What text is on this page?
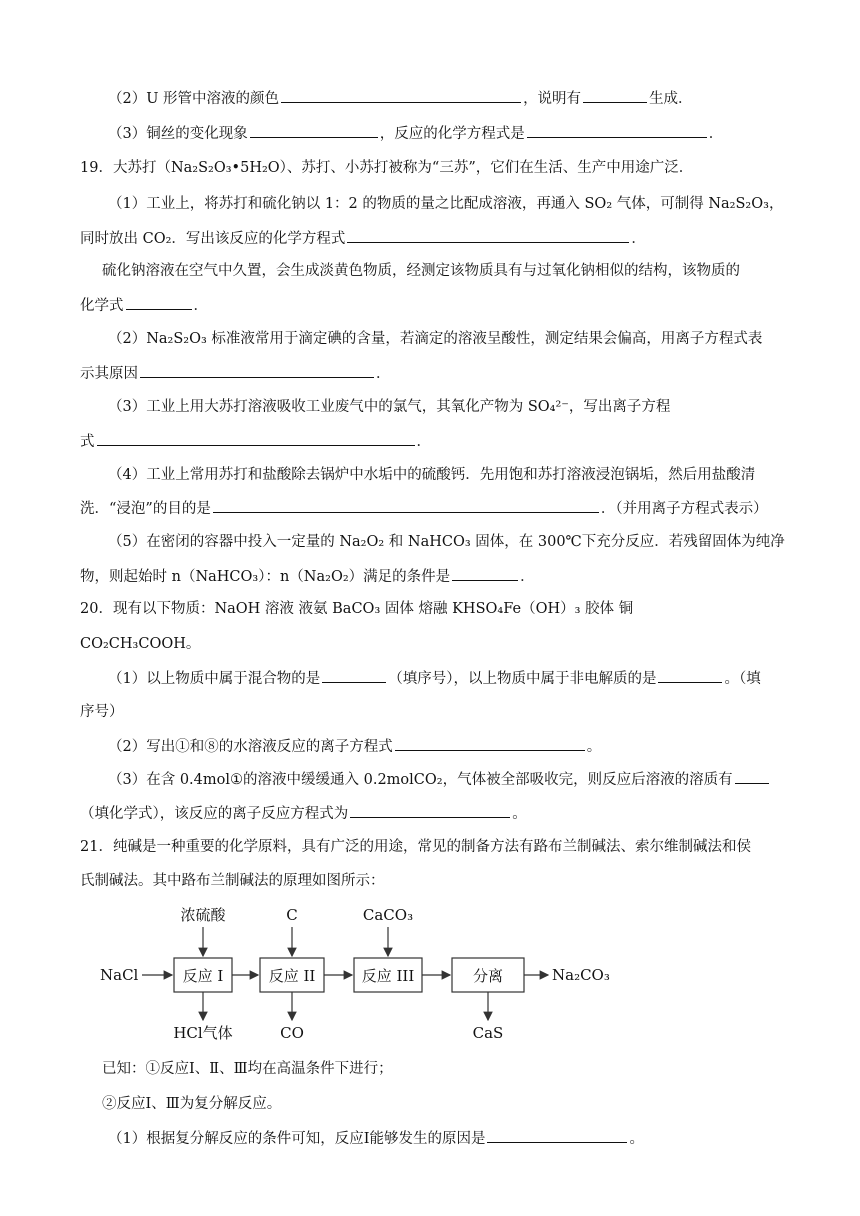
（2）U 形管中溶液的颜色	，说明有	生成．
（3）铜丝的变化现象	，反应的化学方程式是	．
19．大苏打（Na₂S₂O₃•5H₂O）、苏打、小苏打被称为“三苏”，它们在生活、生产中用途广泛．
（1）工业上，将苏打和硫化钠以 1：2 的物质的量之比配成溶液，再通入 SO₂ 气体，可制得 Na₂S₂O₃，
同时放出 CO₂．写出该反应的化学方程式	．
硫化钠溶液在空气中久置，会生成淡黄色物质，经测定该物质具有与过氧化钠相似的结构，该物质的
化学式	．
（2）Na₂S₂O₃ 标准液常用于滴定碘的含量，若滴定的溶液呈酸性，测定结果会偏高，用离子方程式表
示其原因	．
（3）工业上用大苏打溶液吸收工业废气中的氯气，其氧化产物为 SO₄²⁻，写出离子方程
式	．
（4）工业上常用苏打和盐酸除去锅炉中水垢中的硫酸钙．先用饱和苏打溶液浸泡锅垢，然后用盐酸清
洗．“浸泡”的目的是	．（并用离子方程式表示）
（5）在密闭的容器中投入一定量的 Na₂O₂ 和 NaHCO₃ 固体，在 300℃下充分反应．若残留固体为纯净
物，则起始时 n（NaHCO₃）：n（Na₂O₂）满足的条件是	．
20．现有以下物质：NaOH 溶液 液氨 BaCO₃ 固体 熔融 KHSO₄Fe（OH）₃ 胶体 铜
CO₂CH₃COOH。
（1）以上物质中属于混合物的是	（填序号），以上物质中属于非电解质的是	。（填
序号）
（2）写出①和⑧的水溶液反应的离子方程式	。
（3）在含 0.4mol①的溶液中缓缓通入 0.2molCO₂，气体被全部吸收完，则反应后溶液的溶质有
（填化学式），该反应的离子反应方程式为	。
21．纯碱是一种重要的化学原料，具有广泛的用途，常见的制备方法有路布兰制碱法、索尔维制碱法和侯
氏制碱法。其中路布兰制碱法的原理如图所示：
NaCl	反应 I	反应 II	反应 III	分离	Na₂CO₃
浓硫酸	C	CaCO₃
HCl气体	CO	CaS
已知：①反应Ⅰ、Ⅱ、Ⅲ均在高温条件下进行；
②反应Ⅰ、Ⅲ为复分解反应。
（1）根据复分解反应的条件可知，反应Ⅰ能够发生的原因是	。
